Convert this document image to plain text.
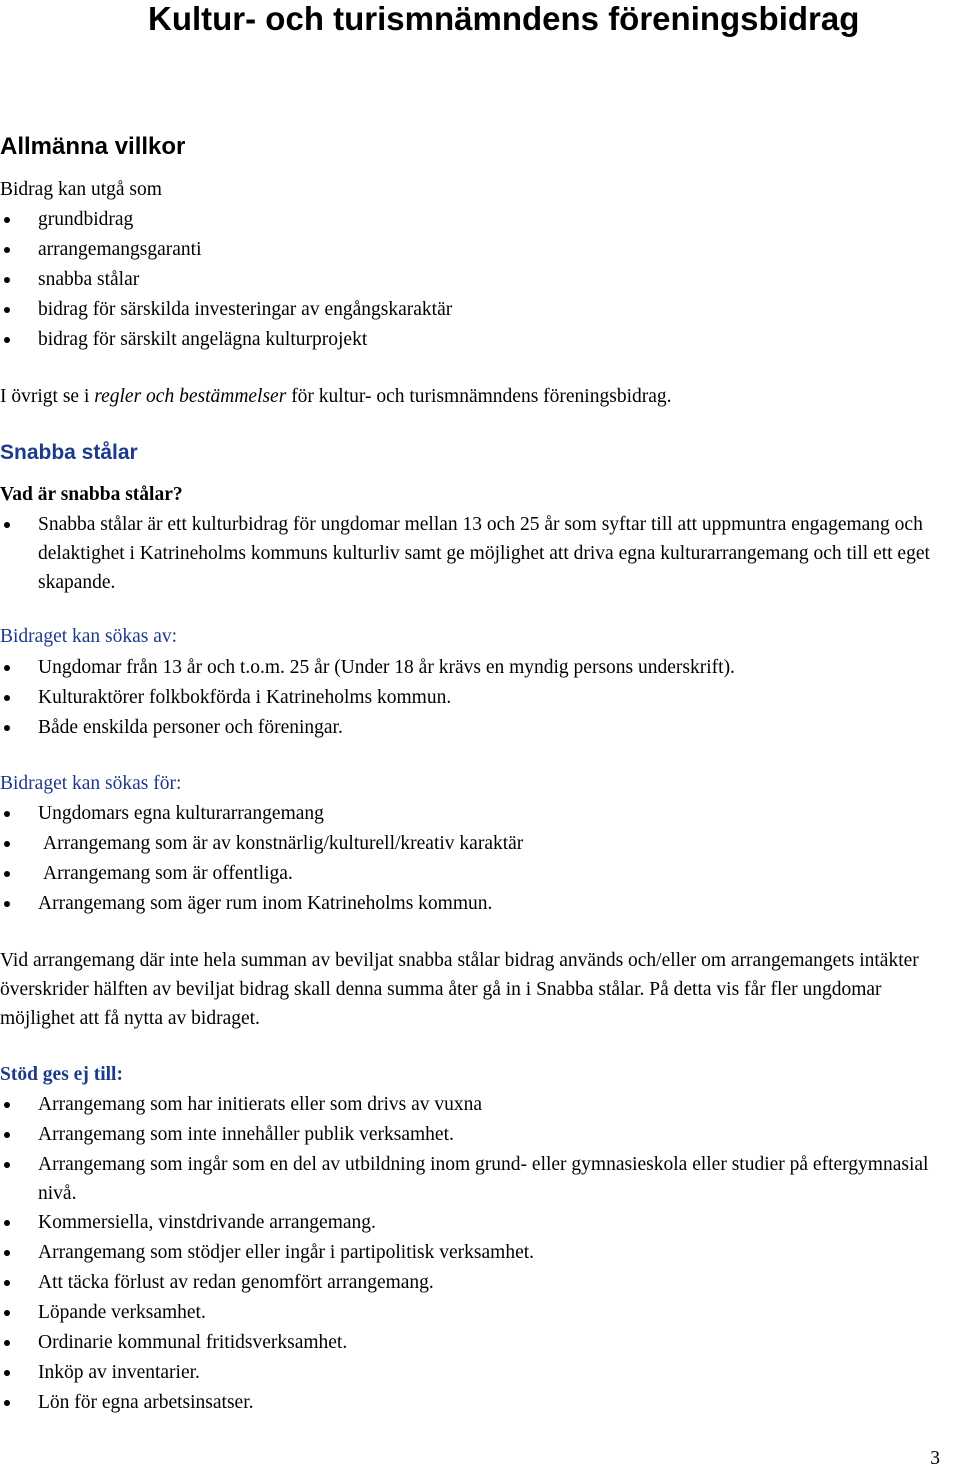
Kultur- och turismnämndens föreningsbidrag
Allmänna villkor
Bidrag kan utgå som
grundbidrag
arrangemangsgaranti
snabba stålar
bidrag för särskilda investeringar av engångskaraktär
bidrag för särskilt angelägna kulturprojekt
I övrigt se i regler och bestämmelser för kultur- och turismnämndens föreningsbidrag.
Snabba stålar
Vad är snabba stålar?
Snabba stålar är ett kulturbidrag för ungdomar mellan 13 och 25 år som syftar till att uppmuntra engagemang och delaktighet i Katrineholms kommuns kulturliv samt ge möjlighet att driva egna kulturarrangemang och till ett eget skapande.
Bidraget kan sökas av:
Ungdomar från 13 år och t.o.m. 25 år (Under 18 år krävs en myndig persons underskrift).
Kulturaktörer folkbokförda i Katrineholms kommun.
Både enskilda personer och föreningar.
Bidraget kan sökas för:
Ungdomars egna kulturarrangemang
Arrangemang som är av konstnärlig/kulturell/kreativ karaktär
Arrangemang som är offentliga.
Arrangemang som äger rum inom Katrineholms kommun.

Vid arrangemang där inte hela summan av beviljat snabba stålar bidrag används och/eller om arrangemangets intäkter överskrider hälften av beviljat bidrag skall denna summa åter gå in i Snabba stålar. På detta vis får fler ungdomar möjlighet att få nytta av bidraget.

Stöd ges ej till:
Arrangemang som har initierats eller som drivs av vuxna
Arrangemang som inte innehåller publik verksamhet.
Arrangemang som ingår som en del av utbildning inom grund- eller gymnasieskola eller studier på eftergymnasial nivå.
Kommersiella, vinstdrivande arrangemang.
Arrangemang som stödjer eller ingår i partipolitisk verksamhet.
Att täcka förlust av redan genomfört arrangemang.
Löpande verksamhet.
Ordinarie kommunal fritidsverksamhet.
Inköp av inventarier.
Lön för egna arbetsinsatser.
3
